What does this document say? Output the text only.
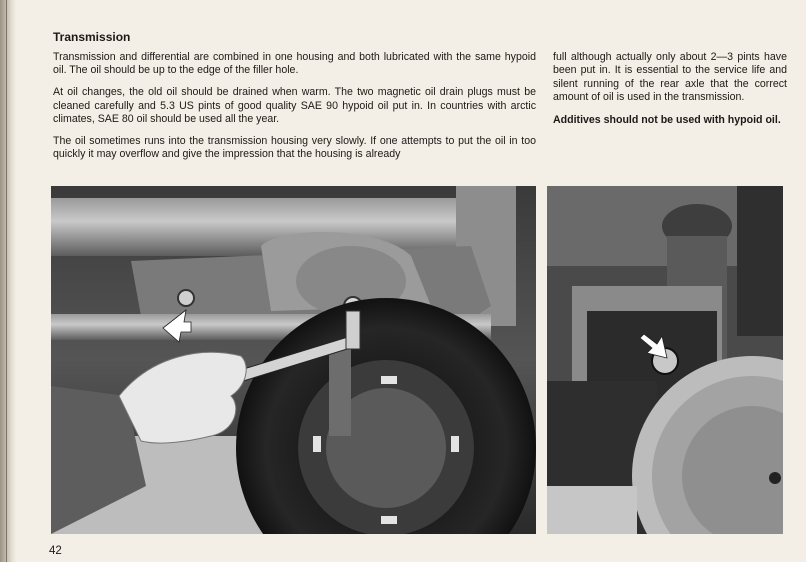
Transmission

Transmission and differential are combined in one housing and both lubricated with the same hypoid oil. The oil should be up to the edge of the filler hole.

At oil changes, the old oil should be drained when warm. The two magnetic oil drain plugs must be cleaned carefully and 5.3 US pints of good quality SAE 90 hypoid oil put in. In countries with arctic climates, SAE 80 oil should be used all the year.

The oil sometimes runs into the transmission housing very slowly. If one attempts to put the oil in too quickly it may overflow and give the impression that the housing is already

full although actually only about 2—3 pints have been put in. It is essential to the service life and silent running of the rear axle that the correct amount of oil is used in the transmission.

Additives should not be used with hypoid oil.

42
